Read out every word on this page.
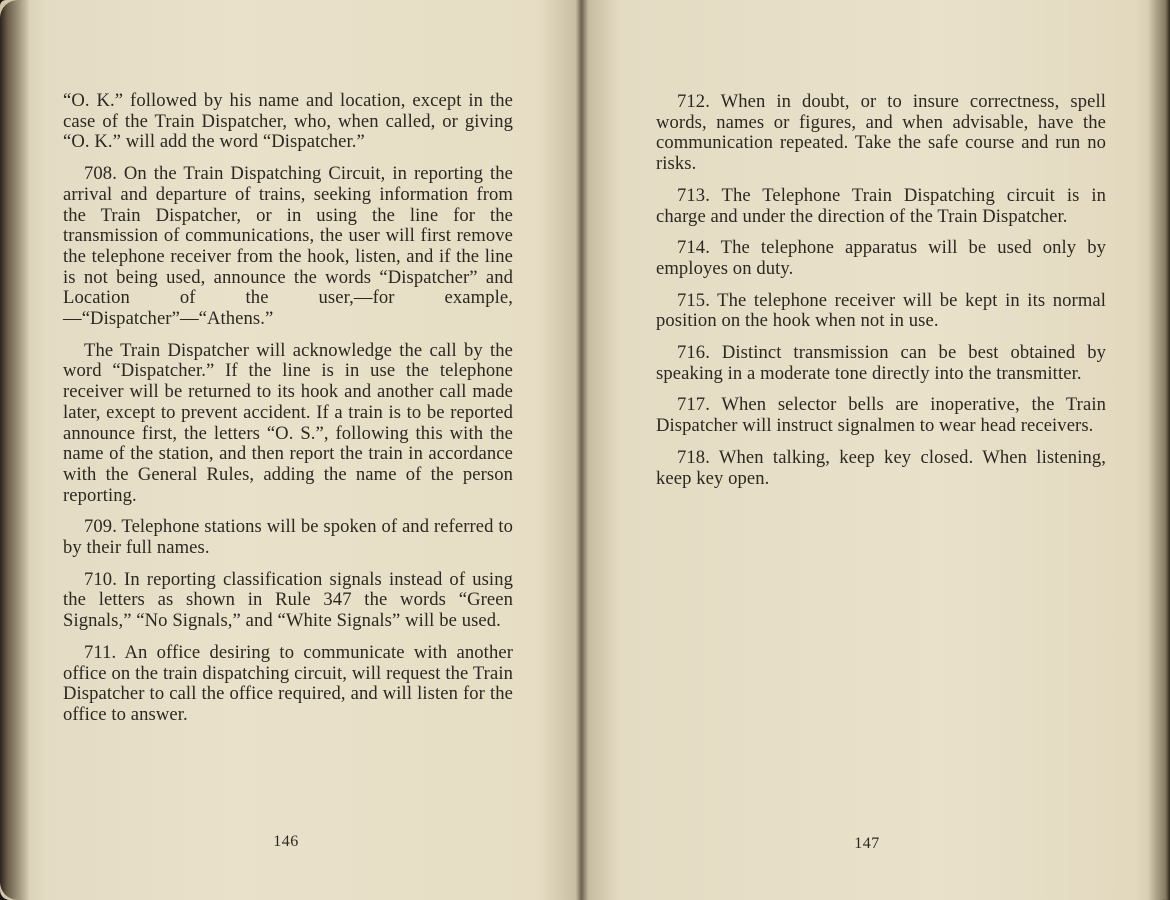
“O. K.” followed by his name and location, except in the case of the Train Dispatcher, who, when called, or giving “O. K.” will add the word “Dispatcher.”

708. On the Train Dispatching Circuit, in reporting the arrival and departure of trains, seeking information from the Train Dispatcher, or in using the line for the transmission of communications, the user will first remove the telephone receiver from the hook, listen, and if the line is not being used, announce the words “Dispatcher” and Location of the user,—for example,—“Dispatcher”—“Athens.”

The Train Dispatcher will acknowledge the call by the word “Dispatcher.” If the line is in use the telephone receiver will be returned to its hook and another call made later, except to prevent accident. If a train is to be reported announce first, the letters “O. S.”, following this with the name of the station, and then report the train in accordance with the General Rules, adding the name of the person reporting.

709. Telephone stations will be spoken of and referred to by their full names.

710. In reporting classification signals instead of using the letters as shown in Rule 347 the words “Green Signals,” “No Signals,” and “White Signals” will be used.

711. An office desiring to communicate with another office on the train dispatching circuit, will request the Train Dispatcher to call the office required, and will listen for the office to answer.

146

712. When in doubt, or to insure correctness, spell words, names or figures, and when advisable, have the communication repeated. Take the safe course and run no risks.

713. The Telephone Train Dispatching circuit is in charge and under the direction of the Train Dispatcher.

714. The telephone apparatus will be used only by employes on duty.

715. The telephone receiver will be kept in its normal position on the hook when not in use.

716. Distinct transmission can be best obtained by speaking in a moderate tone directly into the transmitter.

717. When selector bells are inoperative, the Train Dispatcher will instruct signalmen to wear head receivers.

718. When talking, keep key closed. When listening, keep key open.

147
